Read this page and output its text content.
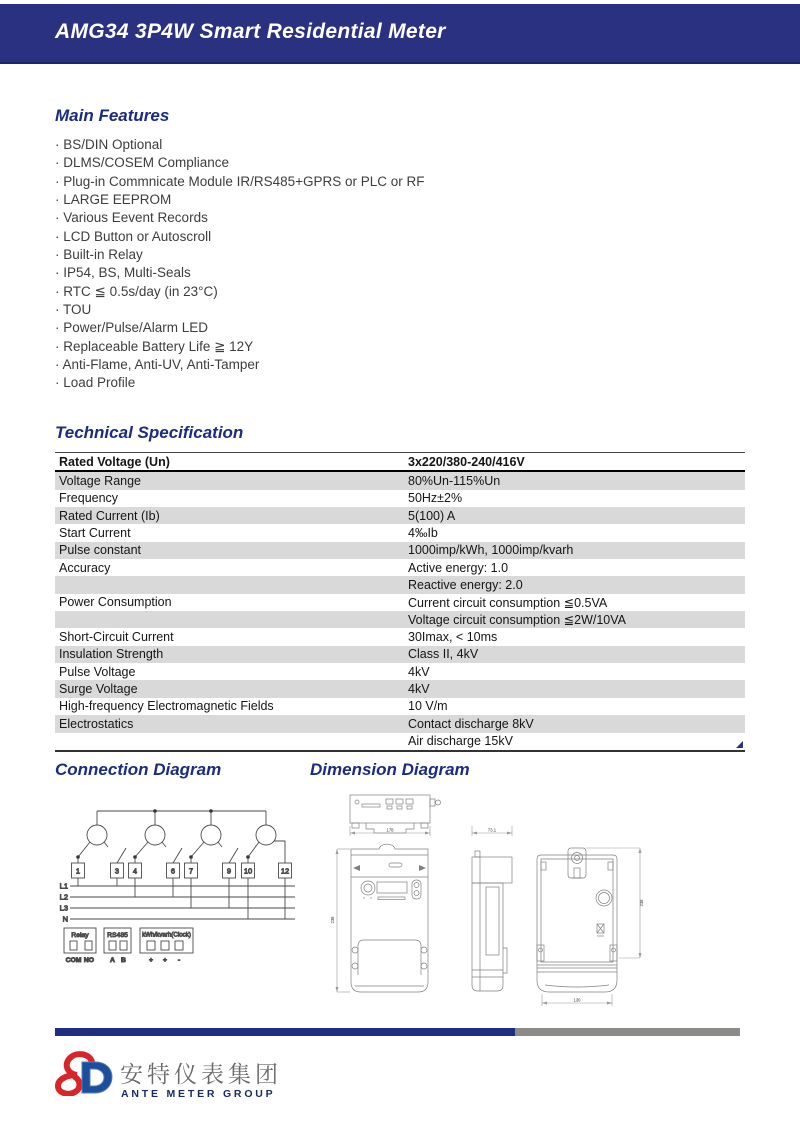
AMG34 3P4W Smart Residential Meter
Main Features
· BS/DIN Optional
· DLMS/COSEM Compliance
· Plug-in Commnicate Module IR/RS485+GPRS or PLC or RF
· LARGE EEPROM
· Various Eevent Records
· LCD Button or Autoscroll
· Built-in Relay
· IP54, BS, Multi-Seals
· RTC ≦ 0.5s/day (in 23°C)
· TOU
· Power/Pulse/Alarm LED
· Replaceable Battery Life ≧ 12Y
· Anti-Flame, Anti-UV, Anti-Tamper
· Load Profile
Technical Specification
Rated Voltage (Un)	3x220/380-240/416V
Voltage Range	80%Un-115%Un
Frequency	50Hz±2%
Rated Current (Ib)	5(100) A
Start Current	4‰Ib
Pulse constant	1000imp/kWh, 1000imp/kvarh
Accuracy	Active energy: 1.0
	Reactive energy: 2.0
Power Consumption	Current circuit consumption ≦0.5VA
	Voltage circuit consumption ≦2W/10VA
Short-Circuit Current	30Imax, < 10ms
Insulation Strength	Class II, 4kV
Pulse Voltage	4kV
Surge Voltage	4kV
High-frequency Electromagnetic Fields	10 V/m
Electrostatics	Contact discharge 8kV
	Air discharge 15kV
Connection Diagram	Dimension Diagram
1	3 4	6 7	9 10	12
L1
L2
L3
N
Relay	RS485 kWh/kvarh(Clock)
COM NO A B	+ + -
178	73.1
238
238
130
安特仪表集团
ANTE METER GROUP
